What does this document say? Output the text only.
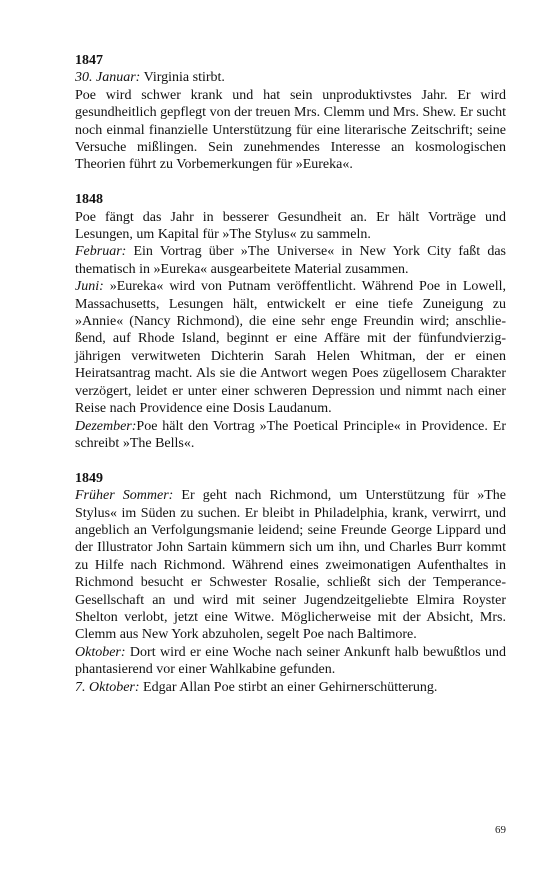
1847

30. Januar: Virginia stirbt.

Poe wird schwer krank und hat sein unproduktivstes Jahr. Er wird gesundheitlich gepflegt von der treuen Mrs. Clemm und Mrs. Shew. Er sucht noch einmal finanzielle Unterstützung für eine literarische Zeitschrift; seine Versuche mißlingen. Sein zunehmendes Interesse an kosmologischen Theorien führt zu Vorbemerkungen für »Eureka«.

1848

Poe fängt das Jahr in besserer Gesundheit an. Er hält Vorträge und Lesungen, um Kapital für »The Stylus« zu sammeln.

Februar: Ein Vortrag über »The Universe« in New York City faßt das thematisch in »Eureka« ausgearbeitete Material zusammen.

Juni: »Eureka« wird von Putnam veröffentlicht. Während Poe in Lowell, Massachusetts, Lesungen hält, entwickelt er eine tiefe Zuneigung zu »Annie« (Nancy Richmond), die eine sehr enge Freundin wird; anschließend, auf Rhode Island, beginnt er eine Affäre mit der fünfundvierzigjährigen verwitweten Dichterin Sarah Helen Whitman, der er einen Heiratsantrag macht. Als sie die Antwort wegen Poes zügellosem Charakter verzögert, leidet er unter einer schweren Depression und nimmt nach einer Reise nach Providence eine Dosis Laudanum.

Dezember:Poe hält den Vortrag »The Poetical Principle« in Providence. Er schreibt »The Bells«.

1849

Früher Sommer: Er geht nach Richmond, um Unterstützung für »The Stylus« im Süden zu suchen. Er bleibt in Philadelphia, krank, verwirrt, und angeblich an Verfolgungsmanie leidend; seine Freunde George Lippard und der Illustrator John Sartain kümmern sich um ihn, und Charles Burr kommt zu Hilfe nach Richmond. Während eines zweimonatigen Aufenthaltes in Richmond besucht er Schwester Rosalie, schließt sich der Temperance-Gesellschaft an und wird mit seiner Jugendzeitgeliebte Elmira Royster Shelton verlobt, jetzt eine Witwe. Möglicherweise mit der Absicht, Mrs. Clemm aus New York abzuholen, segelt Poe nach Baltimore.

Oktober: Dort wird er eine Woche nach seiner Ankunft halb bewußtlos und phantasierend vor einer Wahlkabine gefunden.

7. Oktober: Edgar Allan Poe stirbt an einer Gehirnerschütterung.

69
